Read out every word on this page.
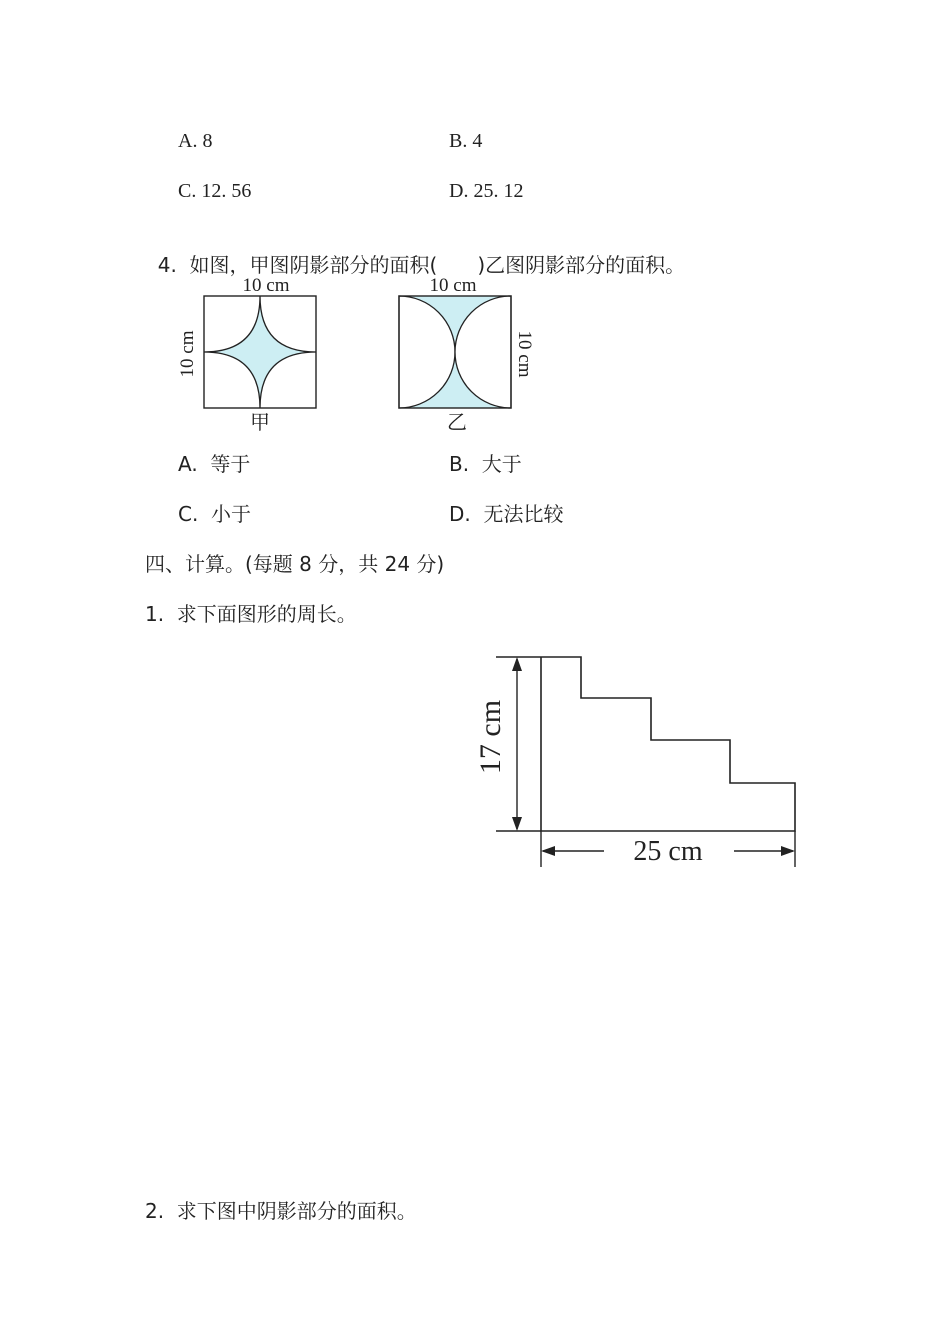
A. 8	B. 4
C. 12. 56	D. 25. 12

4.  如图，甲图阴影部分的面积( )乙图阴影部分的面积。

10 cm
10 cm
甲
10 cm
10 cm
乙
A.  等于	B.  大于
C.  小于	D.  无法比较
四、计算。(每题 8 分，共 24 分)
1.  求下面图形的周长。
17 cm
25 cm
2.  求下图中阴影部分的面积。
